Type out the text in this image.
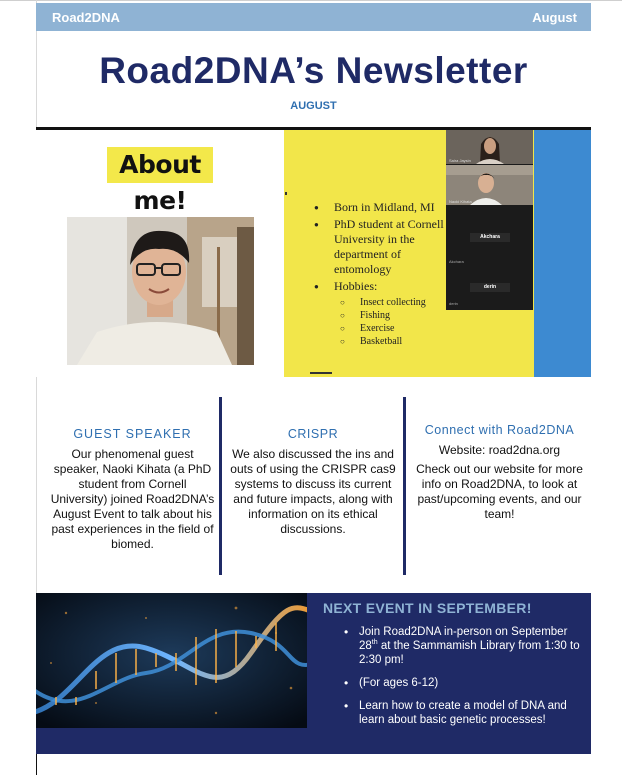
Road2DNA	August
Road2DNA’s Newsletter
AUGUST
About me!
●	Born in Midland, MI
● PhD student at Cornell University in the department of entomology
● Hobbies:
○ Insect collecting
○ Fishing
○ Exercise
○ Basketball
Saira Jaysin
Naoki Kihata
Akchara
Akchara
derin
derin
GUEST SPEAKER
Our phenomenal guest speaker, Naoki Kihata (a PhD student from Cornell University) joined Road2DNA’s August Event to talk about his past experiences in the field of biomed.
CRISPR
We also discussed the ins and outs of using the CRISPR cas9 systems to discuss its current and future impacts, along with information on its ethical discussions.
Connect with Road2DNA
Website: road2dna.org
Check out our website for more info on Road2DNA, to look at past/upcoming events, and our team!
NEXT EVENT IN SEPTEMBER!
• Join Road2DNA in-person on September 28th at the Sammamish Library from 1:30 to 2:30 pm!
• (For ages 6-12)
• Learn how to create a model of DNA and learn about basic genetic processes!
